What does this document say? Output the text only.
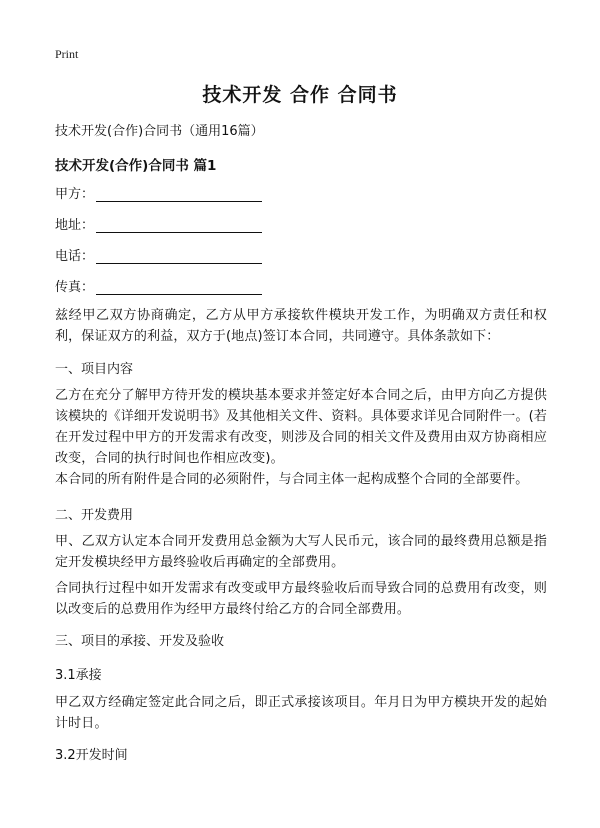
Print
技术开发 合作 合同书

技术开发(合作)合同书（通用16篇）

技术开发(合作)合同书 篇1

甲方：
地址：
电话：
传真：

兹经甲乙双方协商确定，乙方从甲方承接软件模块开发工作，为明确双方责任和权利，保证双方的利益，双方于(地点)签订本合同，共同遵守。具体条款如下：

一、项目内容

乙方在充分了解甲方待开发的模块基本要求并签定好本合同之后，由甲方向乙方提供该模块的《详细开发说明书》及其他相关文件、资料。具体要求详见合同附件一。(若在开发过程中甲方的开发需求有改变，则涉及合同的相关文件及费用由双方协商相应改变，合同的执行时间也作相应改变)。

本合同的所有附件是合同的必须附件，与合同主体一起构成整个合同的全部要件。

二、开发费用

甲、乙双方认定本合同开发费用总金额为大写人民币元，该合同的最终费用总额是指定开发模块经甲方最终验收后再确定的全部费用。

合同执行过程中如开发需求有改变或甲方最终验收后而导致合同的总费用有改变，则以改变后的总费用作为经甲方最终付给乙方的合同全部费用。

三、项目的承接、开发及验收

3.1承接

甲乙双方经确定签定此合同之后，即正式承接该项目。年月日为甲方模块开发的起始计时日。

3.2开发时间
